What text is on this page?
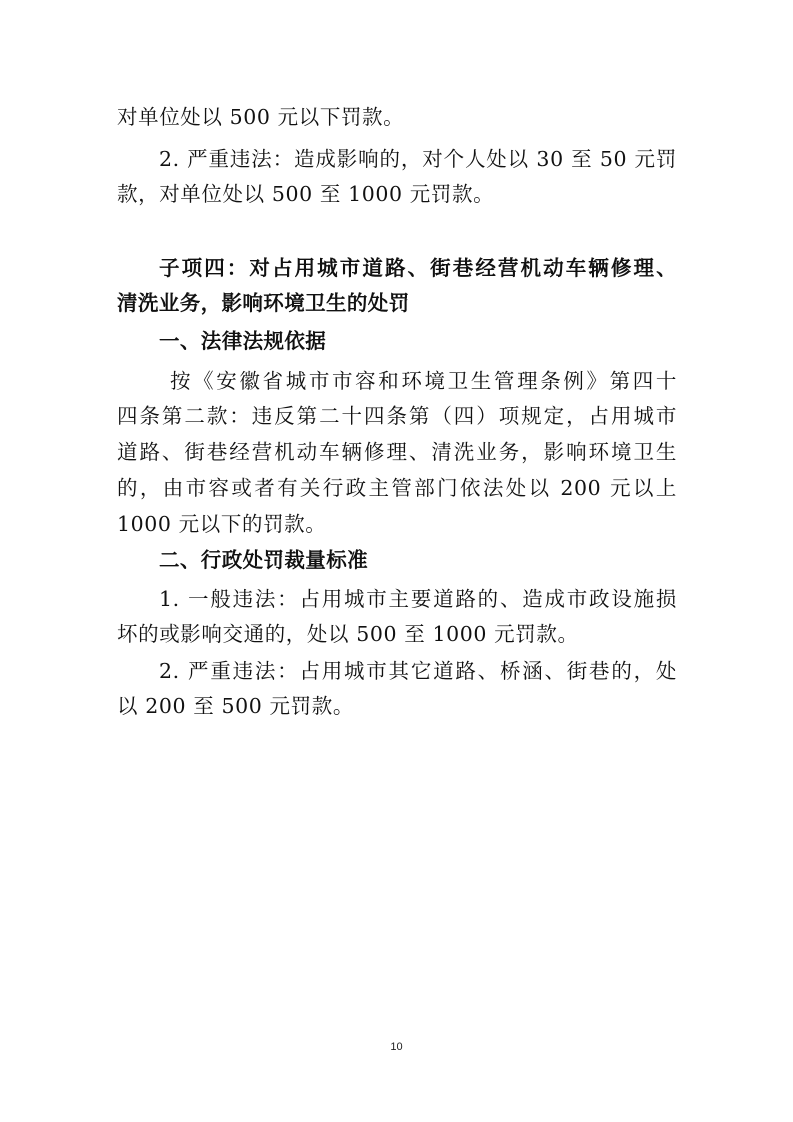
对单位处以 500 元以下罚款。
2. 严重违法：造成影响的，对个人处以 30 至 50 元罚
款，对单位处以 500 至 1000 元罚款。
子项四：对占用城市道路、街巷经营机动车辆修理、
清洗业务，影响环境卫生的处罚
一、法律法规依据
按《安徽省城市市容和环境卫生管理条例》第四十
四条第二款：违反第二十四条第（四）项规定，占用城市
道路、街巷经营机动车辆修理、清洗业务，影响环境卫生
的，由市容或者有关行政主管部门依法处以 200 元以上
1000 元以下的罚款。
二、行政处罚裁量标准
1. 一般违法：占用城市主要道路的、造成市政设施损
坏的或影响交通的，处以 500 至 1000 元罚款。
2. 严重违法：占用城市其它道路、桥涵、街巷的，处
以 200 至 500 元罚款。
10
